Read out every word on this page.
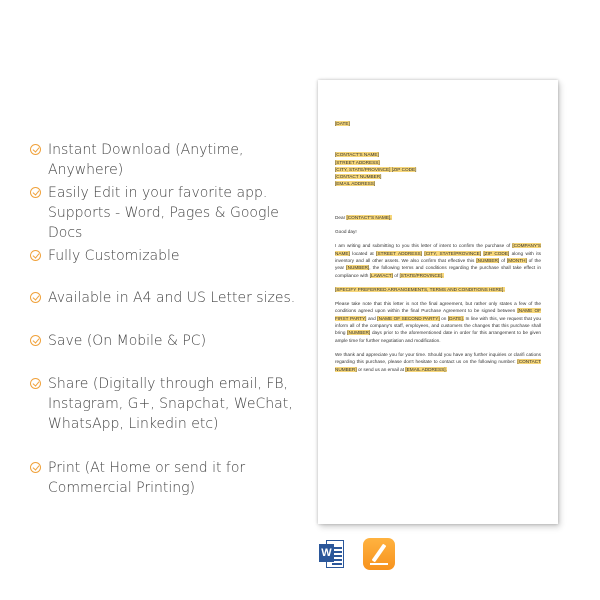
Instant Download (Anytime, Anywhere)
Easily Edit in your favorite app.
Supports - Word, Pages & Google Docs
Fully Customizable
Available in A4 and US Letter sizes.
Save (On Mobile & PC)
Share (Digitally through email, FB,
Instagram, G+, Snapchat, WeChat,
WhatsApp, Linkedin etc)
Print (At Home or send it for
Commercial Printing)

[DATE]

[CONTACT'S NAME]
[STREET ADDRESS]
[CITY, STATE/PROVINCE] [ZIP CODE]
[CONTACT NUMBER]
[EMAIL ADDRESS]

Dear [CONTACT'S NAME],

Good day!

I am writing and submitting to you this letter of intent to confirm the purchase of [COMPANY'S NAME] located at [STREET ADDRESS] [CITY, STATE/PROVINCE] [ZIP CODE] along with its inventory and all other assets. We also confirm that effective this [NUMBER] of [MONTH] of the year [NUMBER], the following terms and conditions regarding the purchase shall take effect in compliance with [LAW/ACT] of [STATE/PROVINCE].

[SPECIFY PREFERRED ARRANGEMENTS, TERMS AND CONDITIONS HERE].

Please take note that this letter is not the final agreement, but rather only states a few of the conditions agreed upon within the final Purchase Agreement to be signed between [NAME OF FIRST PARTY] and [NAME OF SECOND PARTY] on [DATE]. In line with this, we request that you inform all of the company's staff, employees, and customers the changes that this purchase shall bring [NUMBER] days prior to the aforementioned date in order for this arrangement to be given ample time for further negotiation and modification.

We thank and appreciate you for your time. Should you have any further inquiries or clarifi cations regarding this purchase, please don't hesitate to contact us on the following number: [CONTACT NUMBER] or send us an email at [EMAIL ADDRESS].

W
